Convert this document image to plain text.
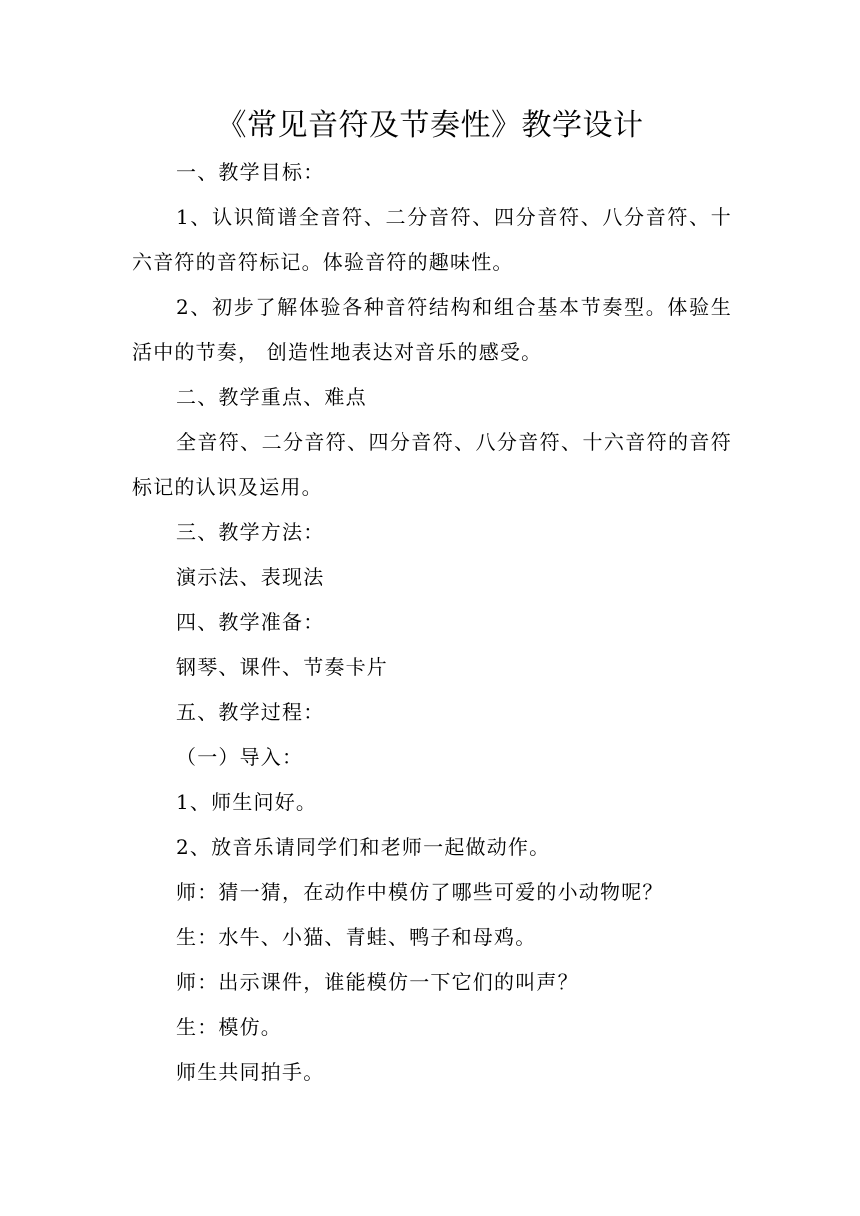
《常见音符及节奏性》教学设计

一、教学目标：

1、认识简谱全音符、二分音符、四分音符、八分音符、十六音符的音符标记。体验音符的趣味性。

2、初步了解体验各种音符结构和组合基本节奏型。体验生活中的节奏， 创造性地表达对音乐的感受。

二、教学重点、难点

全音符、二分音符、四分音符、八分音符、十六音符的音符标记的认识及运用。

三、教学方法：

演示法、表现法

四、教学准备：

钢琴、课件、节奏卡片

五、教学过程：

（一）导入：

1、师生问好。

2、放音乐请同学们和老师一起做动作。

师：猜一猜，在动作中模仿了哪些可爱的小动物呢？

生：水牛、小猫、青蛙、鸭子和母鸡。

师：出示课件，谁能模仿一下它们的叫声？

生：模仿。

师生共同拍手。
